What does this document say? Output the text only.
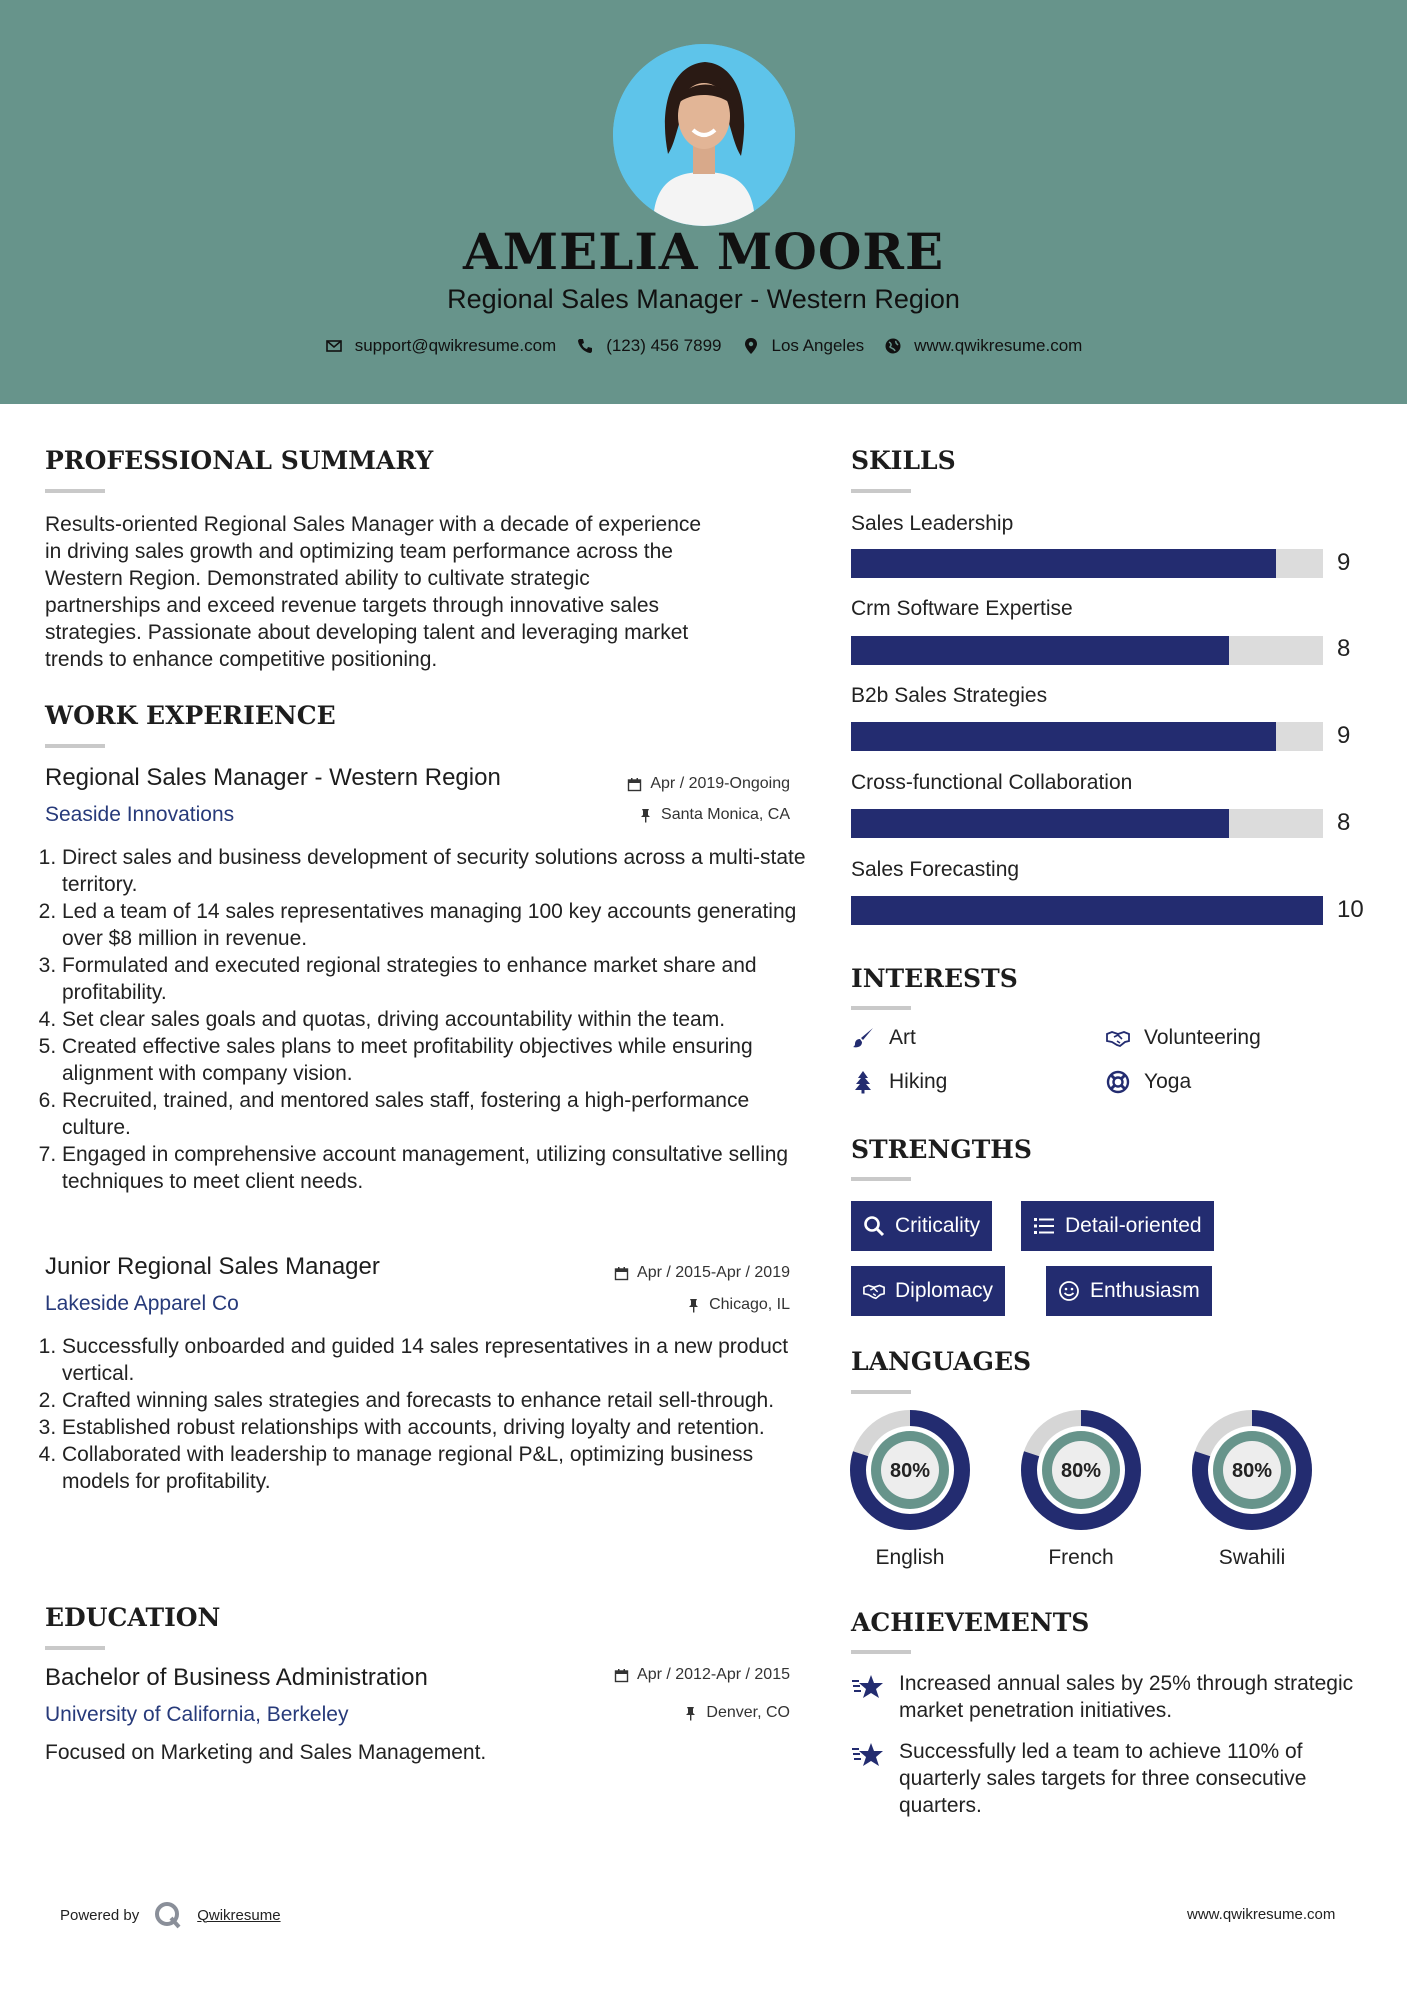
AMELIA MOORE
Regional Sales Manager - Western Region
support@qwikresume.com	(123) 456 7899	Los Angeles	www.qwikresume.com
PROFESSIONAL SUMMARY
Results-oriented Regional Sales Manager with a decade of experience
in driving sales growth and optimizing team performance across the
Western Region. Demonstrated ability to cultivate strategic
partnerships and exceed revenue targets through innovative sales
strategies. Passionate about developing talent and leveraging market
trends to enhance competitive positioning.
WORK EXPERIENCE
Regional Sales Manager - Western Region	Apr / 2019-Ongoing
Seaside Innovations	Santa Monica, CA
1. Direct sales and business development of security solutions across a multi-state territory.
2. Led a team of 14 sales representatives managing 100 key accounts generating over $8 million in revenue.
3. Formulated and executed regional strategies to enhance market share and profitability.
4. Set clear sales goals and quotas, driving accountability within the team.
5. Created effective sales plans to meet profitability objectives while ensuring alignment with company vision.
6. Recruited, trained, and mentored sales staff, fostering a high-performance culture.
7. Engaged in comprehensive account management, utilizing consultative selling techniques to meet client needs.
Junior Regional Sales Manager	Apr / 2015-Apr / 2019
Lakeside Apparel Co	Chicago, IL
1. Successfully onboarded and guided 14 sales representatives in a new product vertical.
2. Crafted winning sales strategies and forecasts to enhance retail sell-through.
3. Established robust relationships with accounts, driving loyalty and retention.
4. Collaborated with leadership to manage regional P&L, optimizing business models for profitability.
EDUCATION
Bachelor of Business Administration	Apr / 2012-Apr / 2015
University of California, Berkeley	Denver, CO
Focused on Marketing and Sales Management.
SKILLS
Sales Leadership
9
Crm Software Expertise
8
B2b Sales Strategies
9
Cross-functional Collaboration
8
Sales Forecasting
10
INTERESTS
Art	Volunteering
Hiking	Yoga
STRENGTHS
Criticality	Detail-oriented
Diplomacy	Enthusiasm
LANGUAGES
80%
English
80%
French
80%
Swahili
ACHIEVEMENTS
Increased annual sales by 25% through strategic market penetration initiatives.
Successfully led a team to achieve 110% of quarterly sales targets for three consecutive quarters.
Powered by	Qwikresume	www.qwikresume.com
